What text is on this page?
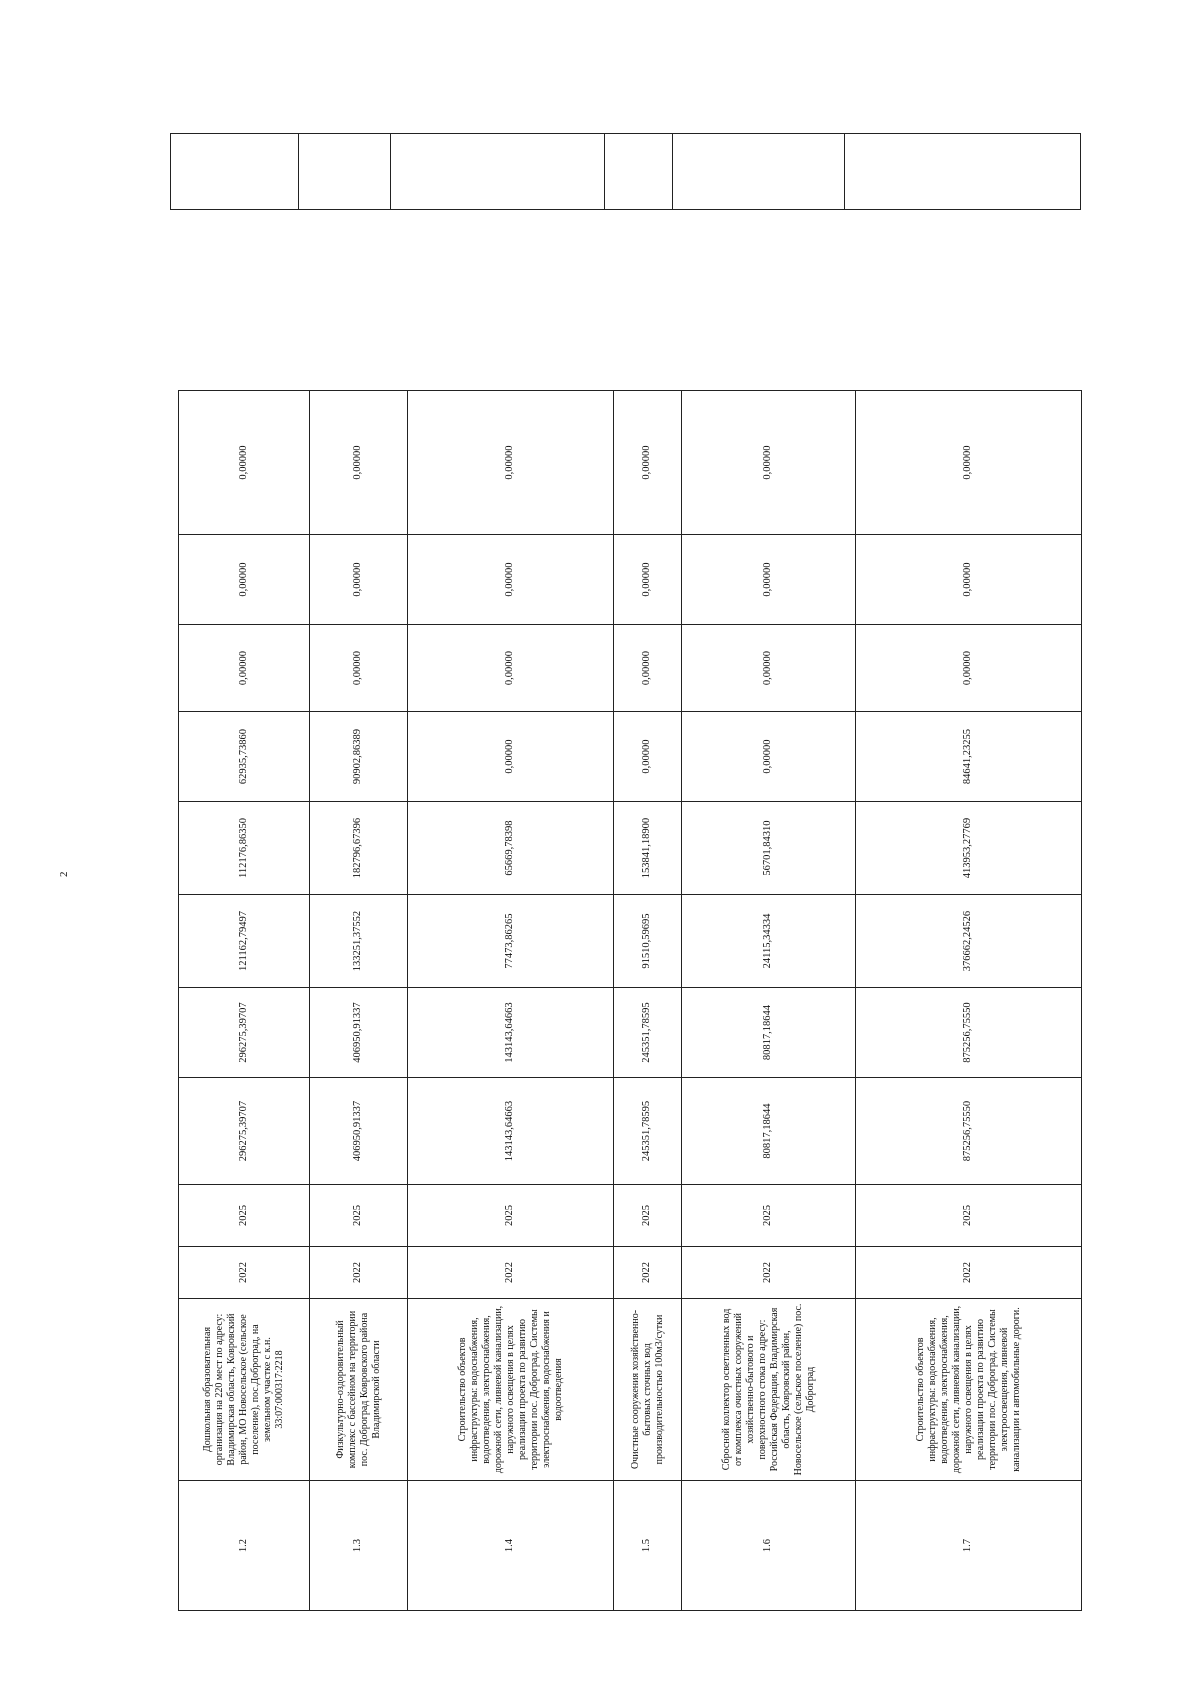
2
1.2	Дошкольная образовательная организация на 220 мест по адресу: Владимирская область, Ковровский район, МО Новосельское (сельское поселение), пос.Доброград, на земельном участке с к.н. 33:07:000317:2218	2022	2025	296275,39707	296275,39707	121162,79497	112176,86350	62935,73860	0,00000	0,00000	0,00000
1.3	Физкультурно-оздоровительный комплекс с бассейном на территории пос. Доброград Ковровского района Владимирской области	2022	2025	406950,91337	406950,91337	133251,37552	182796,67396	90902,86389	0,00000	0,00000	0,00000
1.4	Строительство объектов инфраструктуры: водоснабжения, водоотведения, электроснабжения, дорожной сети, ливневой канализации, наружного освещения в целях реализации проекта по развитию территории пос. Доброград. Системы электроснабжения, водоснабжения и водоотведения	2022	2025	143143,64663	143143,64663	77473,86265	65669,78398	0,00000	0,00000	0,00000	0,00000
1.5	Очистные сооружения хозяйственно-бытовых сточных вод производительностью 100м3/сутки	2022	2025	245351,78595	245351,78595	91510,59695	153841,18900	0,00000	0,00000	0,00000	0,00000
1.6	Сбросной коллектор осветленных вод от комплекса очистных сооружений хозяйственно-бытового и поверхностного стока по адресу: Российская Федерация, Владимирская область, Ковровский район, Новосельское (сельское поселение) пос. Доброград	2022	2025	80817,18644	80817,18644	24115,34334	56701,84310	0,00000	0,00000	0,00000	0,00000
1.7	Строительство объектов инфраструктуры: водоснабжения, водоотведения, электроснабжения, дорожной сети, ливневой канализации, наружного освещения в целях реализации проекта по развитию территории пос. Доброград. Системы электроосвещения, ливневой канализации и автомобильные дороги.	2022	2025	875256,75550	875256,75550	376662,24526	413953,27769	84641,23255	0,00000	0,00000	0,00000
